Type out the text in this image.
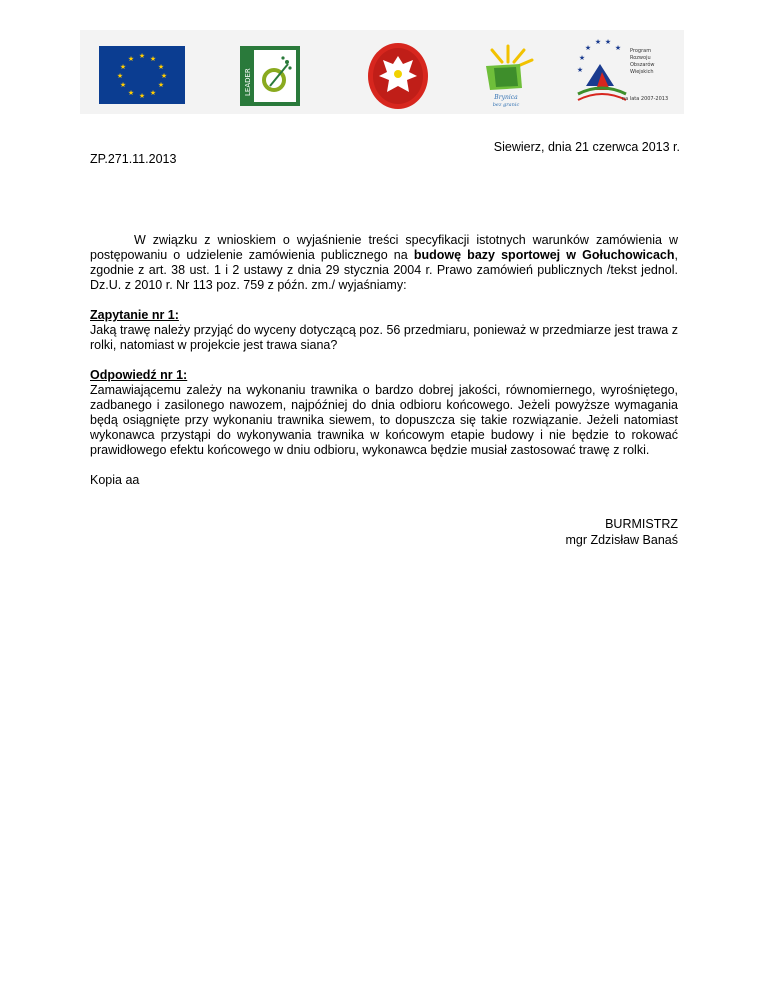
★ ★
★
★
★
★
★
★
★
★
★
★
LEADER
Brynica
bez granic
★
★
★ ★
★
★
Program
Rozwoju
Obszarów
Wiejskich
na lata 2007-2013
Siewierz, dnia 21 czerwca 2013 r.
ZP.271.11.2013

W związku z wnioskiem o wyjaśnienie treści specyfikacji istotnych warunków zamówienia w postępowaniu o udzielenie zamówienia publicznego na budowę bazy sportowej w Gołuchowicach, zgodnie z art. 38 ust. 1 i 2 ustawy z dnia 29 stycznia 2004 r. Prawo zamówień publicznych /tekst jednol. Dz.U. z 2010 r. Nr 113 poz. 759 z późn. zm./ wyjaśniamy:

Zapytanie nr 1:

Jaką trawę należy przyjąć do wyceny dotyczącą poz. 56 przedmiaru, ponieważ w przedmiarze jest trawa z rolki, natomiast w projekcie jest trawa siana?

Odpowiedź nr 1:

Zamawiającemu zależy na wykonaniu trawnika o bardzo dobrej jakości, równomiernego, wyrośniętego, zadbanego i zasilonego nawozem, najpóźniej do dnia odbioru końcowego. Jeżeli powyższe wymagania będą osiągnięte przy wykonaniu trawnika siewem, to dopuszcza się takie rozwiązanie. Jeżeli natomiast wykonawca przystąpi do wykonywania trawnika w końcowym etapie budowy i nie będzie to rokować prawidłowego efektu końcowego w dniu odbioru, wykonawca będzie musiał zastosować trawę z rolki.

Kopia aa

BURMISTRZ
mgr Zdzisław Banaś
